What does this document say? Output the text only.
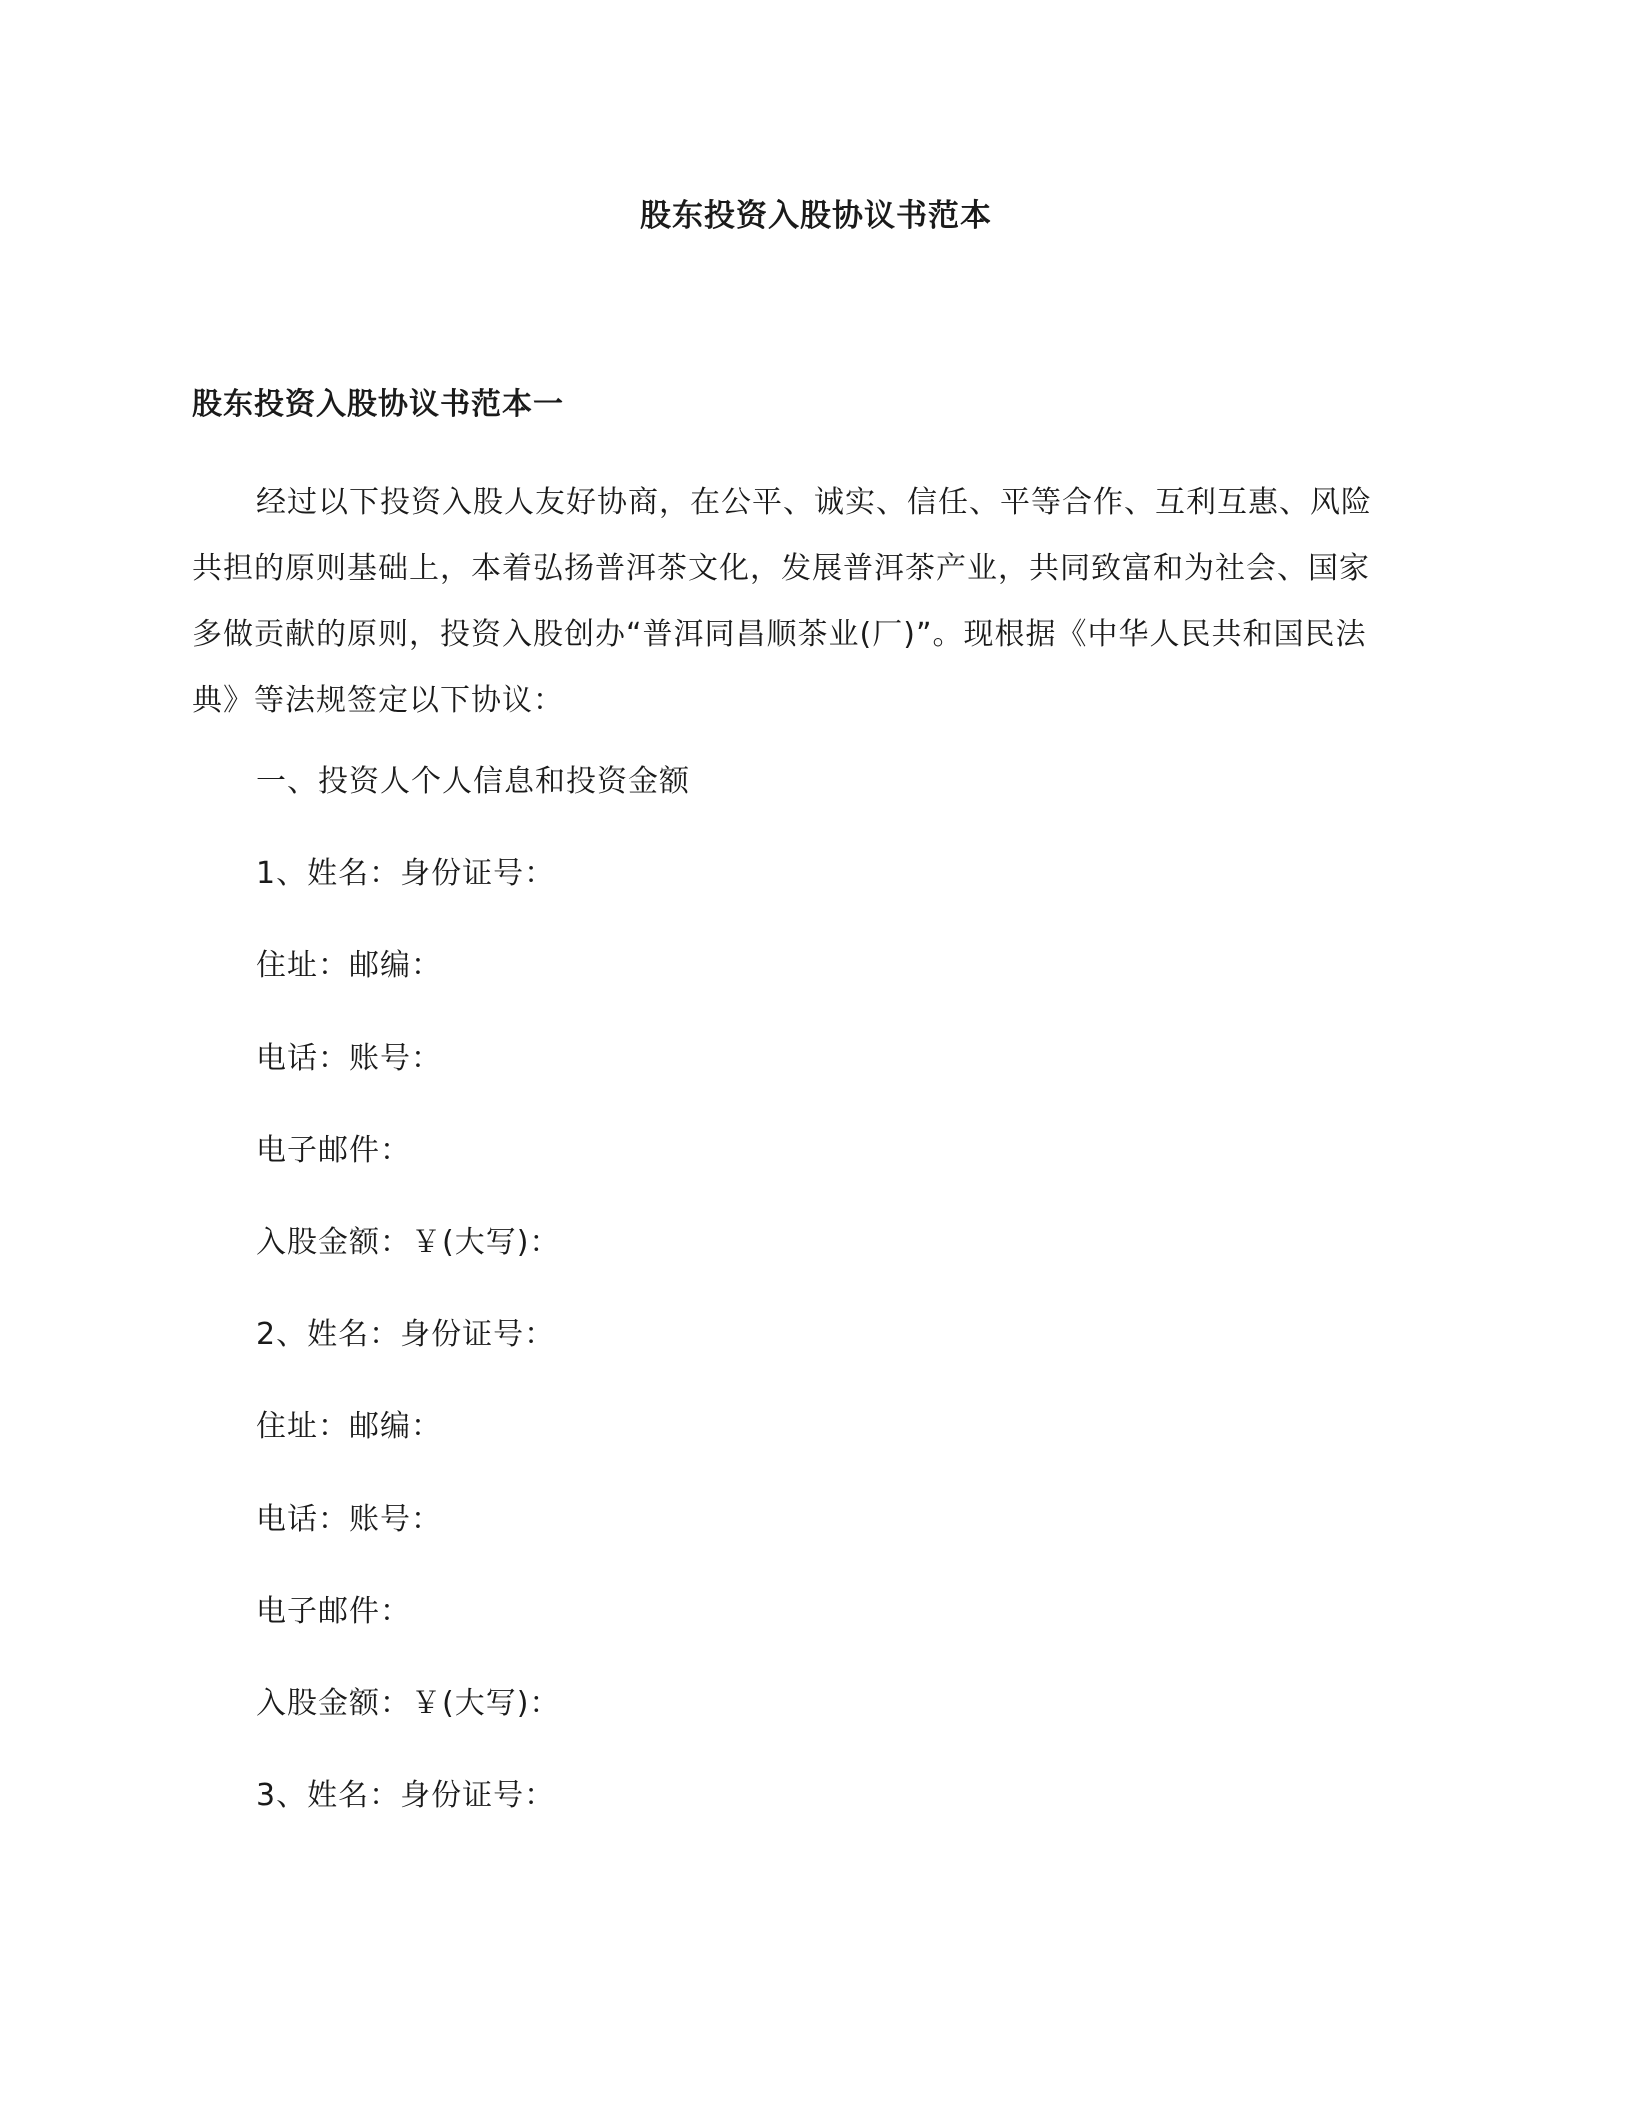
股东投资入股协议书范本
股东投资入股协议书范本一
经过以下投资入股人友好协商，在公平、诚实、信任、平等合作、互利互惠、风险
共担的原则基础上，本着弘扬普洱茶文化，发展普洱茶产业，共同致富和为社会、国家
多做贡献的原则，投资入股创办“普洱同昌顺茶业(厂)”。现根据《中华人民共和国民法
典》等法规签定以下协议：
一、投资人个人信息和投资金额
1、姓名：身份证号：
住址：邮编：
电话：账号：
电子邮件：
入股金额：￥(大写)：
2、姓名：身份证号：
住址：邮编：
电话：账号：
电子邮件：
入股金额：￥(大写)：
3、姓名：身份证号：
